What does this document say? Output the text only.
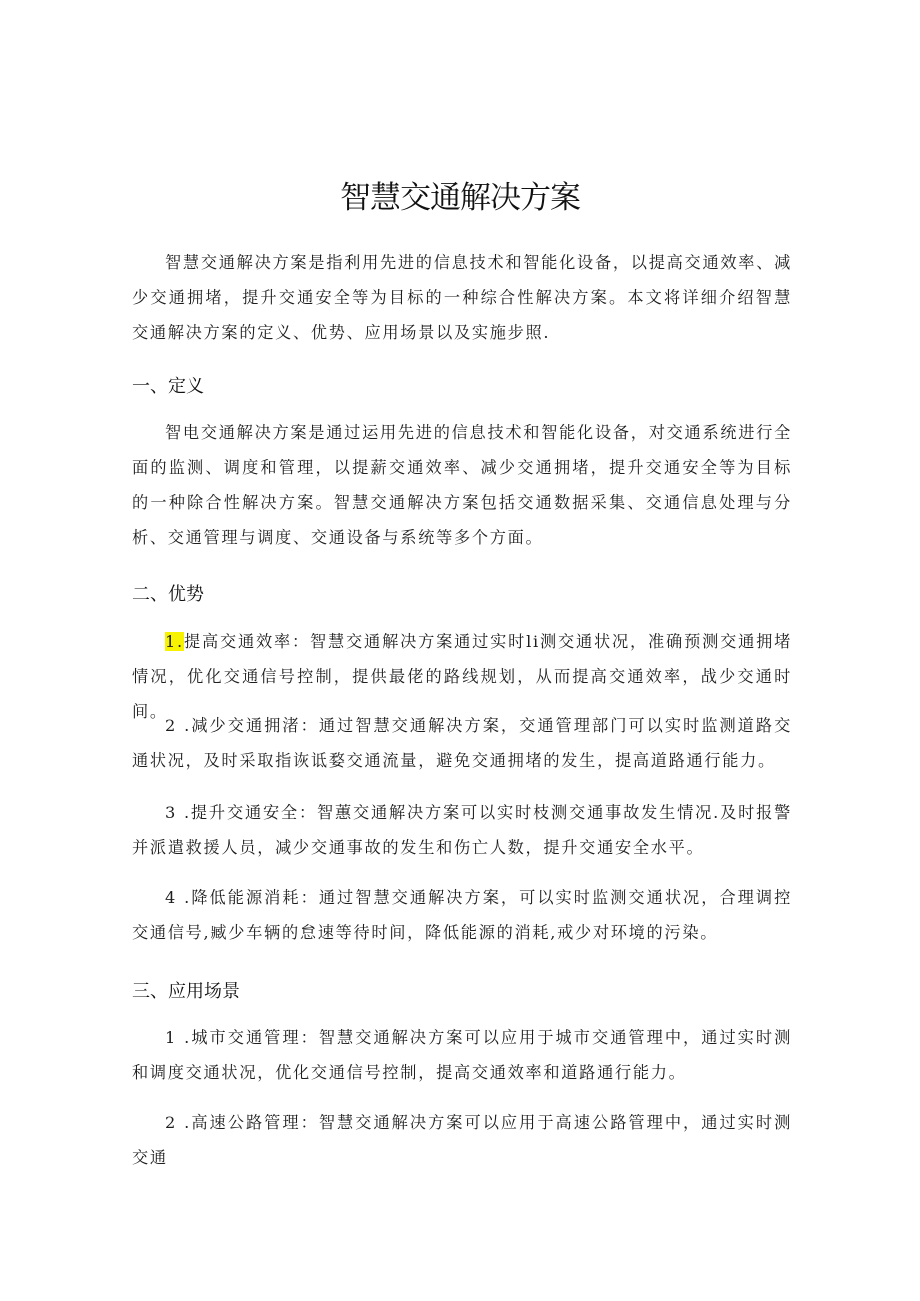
智慧交通解决方案

智慧交通解决方案是指利用先进的信息技术和智能化设备，以提高交通效率、减少交通拥堵，提升交通安全等为目标的一种综合性解决方案。本文将详细介绍智慧交通解决方案的定义、优势、应用场景以及实施步照.

一、定义

智电交通解决方案是通过运用先进的信息技术和智能化设备，对交通系统进行全面的监测、调度和管理，以提薪交通效率、减少交通拥堵，提升交通安全等为目标的一种除合性解决方案。智慧交通解决方案包括交通数据采集、交通信息处理与分析、交通管理与调度、交通设备与系统等多个方面。

二、优势

1.提高交通效率：智慧交通解决方案通过实时li测交通状况，准确预测交通拥堵情况，优化交通信号控制，提供最佬的路线规划，从而提高交通效率，战少交通时间。

2 .减少交通拥渚：通过智慧交通解决方案，交通管理部门可以实时监测道路交通状况，及时采取指诙诋婺交通流量，避免交通拥堵的发生，提高道路通行能力。

3 .提升交通安全：智蕙交通解决方案可以实时枝测交通事故发生情况.及时报警并派遣救援人员，减少交通事故的发生和伤亡人数，提升交通安全水平。

4 .降低能源消耗：通过智慧交通解决方案，可以实时监测交通状况，合理调控交通信号,臧少车辆的怠速等待时间，降低能源的消耗,戒少对环境的污染。

三、应用场景

1 .城市交通管理：智慧交通解决方案可以应用于城市交通管理中，通过实时测和调度交通状况，优化交通信号控制，提高交通效率和道路通行能力。

2 .高速公路管理：智慧交通解决方案可以应用于高速公路管理中，通过实时测交通
